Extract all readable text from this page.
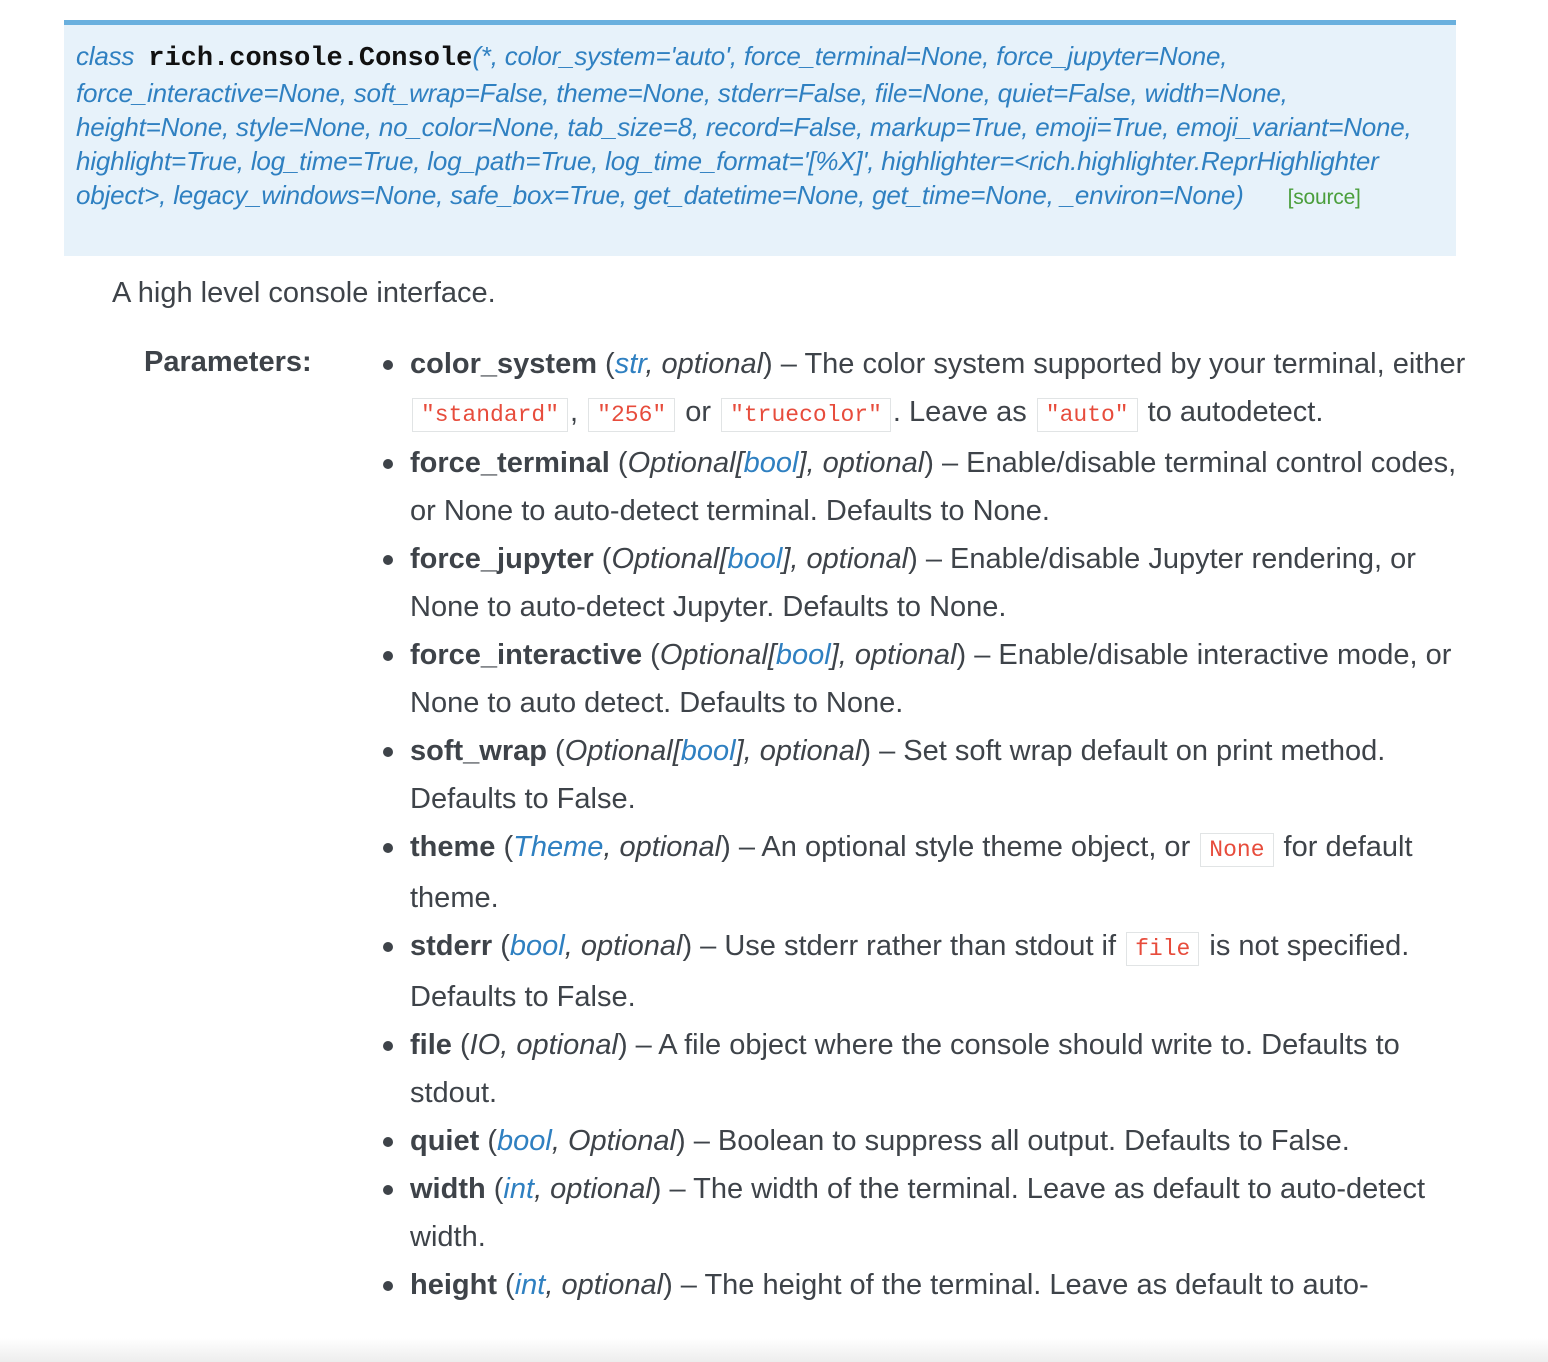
class rich.console.Console(*, color_system='auto', force_terminal=None, force_jupyter=None, force_interactive=None, soft_wrap=False, theme=None, stderr=False, file=None, quiet=False, width=None, height=None, style=None, no_color=None, tab_size=8, record=False, markup=True, emoji=True, emoji_variant=None, highlight=True, log_time=True, log_path=True, log_time_format='[%X]', highlighter=<rich.highlighter.ReprHighlighter object>, legacy_windows=None, safe_box=True, get_datetime=None, get_time=None, _environ=None) [source]
A high level console interface.
Parameters:	color_system (str, optional) – The color system supported by your terminal, either "standard" , "256" or "truecolor" . Leave as "auto" to autodetect.
force_terminal (Optional[bool], optional) – Enable/disable terminal control codes, or None to auto-detect terminal. Defaults to None.
force_jupyter (Optional[bool], optional) – Enable/disable Jupyter rendering, or None to auto-detect Jupyter. Defaults to None.
force_interactive (Optional[bool], optional) – Enable/disable interactive mode, or None to auto detect. Defaults to None.
soft_wrap (Optional[bool], optional) – Set soft wrap default on print method. Defaults to False.
theme (Theme, optional) – An optional style theme object, or None for default theme.
stderr (bool, optional) – Use stderr rather than stdout if file is not specified. Defaults to False.
file (IO, optional) – A file object where the console should write to. Defaults to stdout.
quiet (bool, Optional) – Boolean to suppress all output. Defaults to False.
width (int, optional) – The width of the terminal. Leave as default to auto-detect width.
height (int, optional) – The height of the terminal. Leave as default to auto-
